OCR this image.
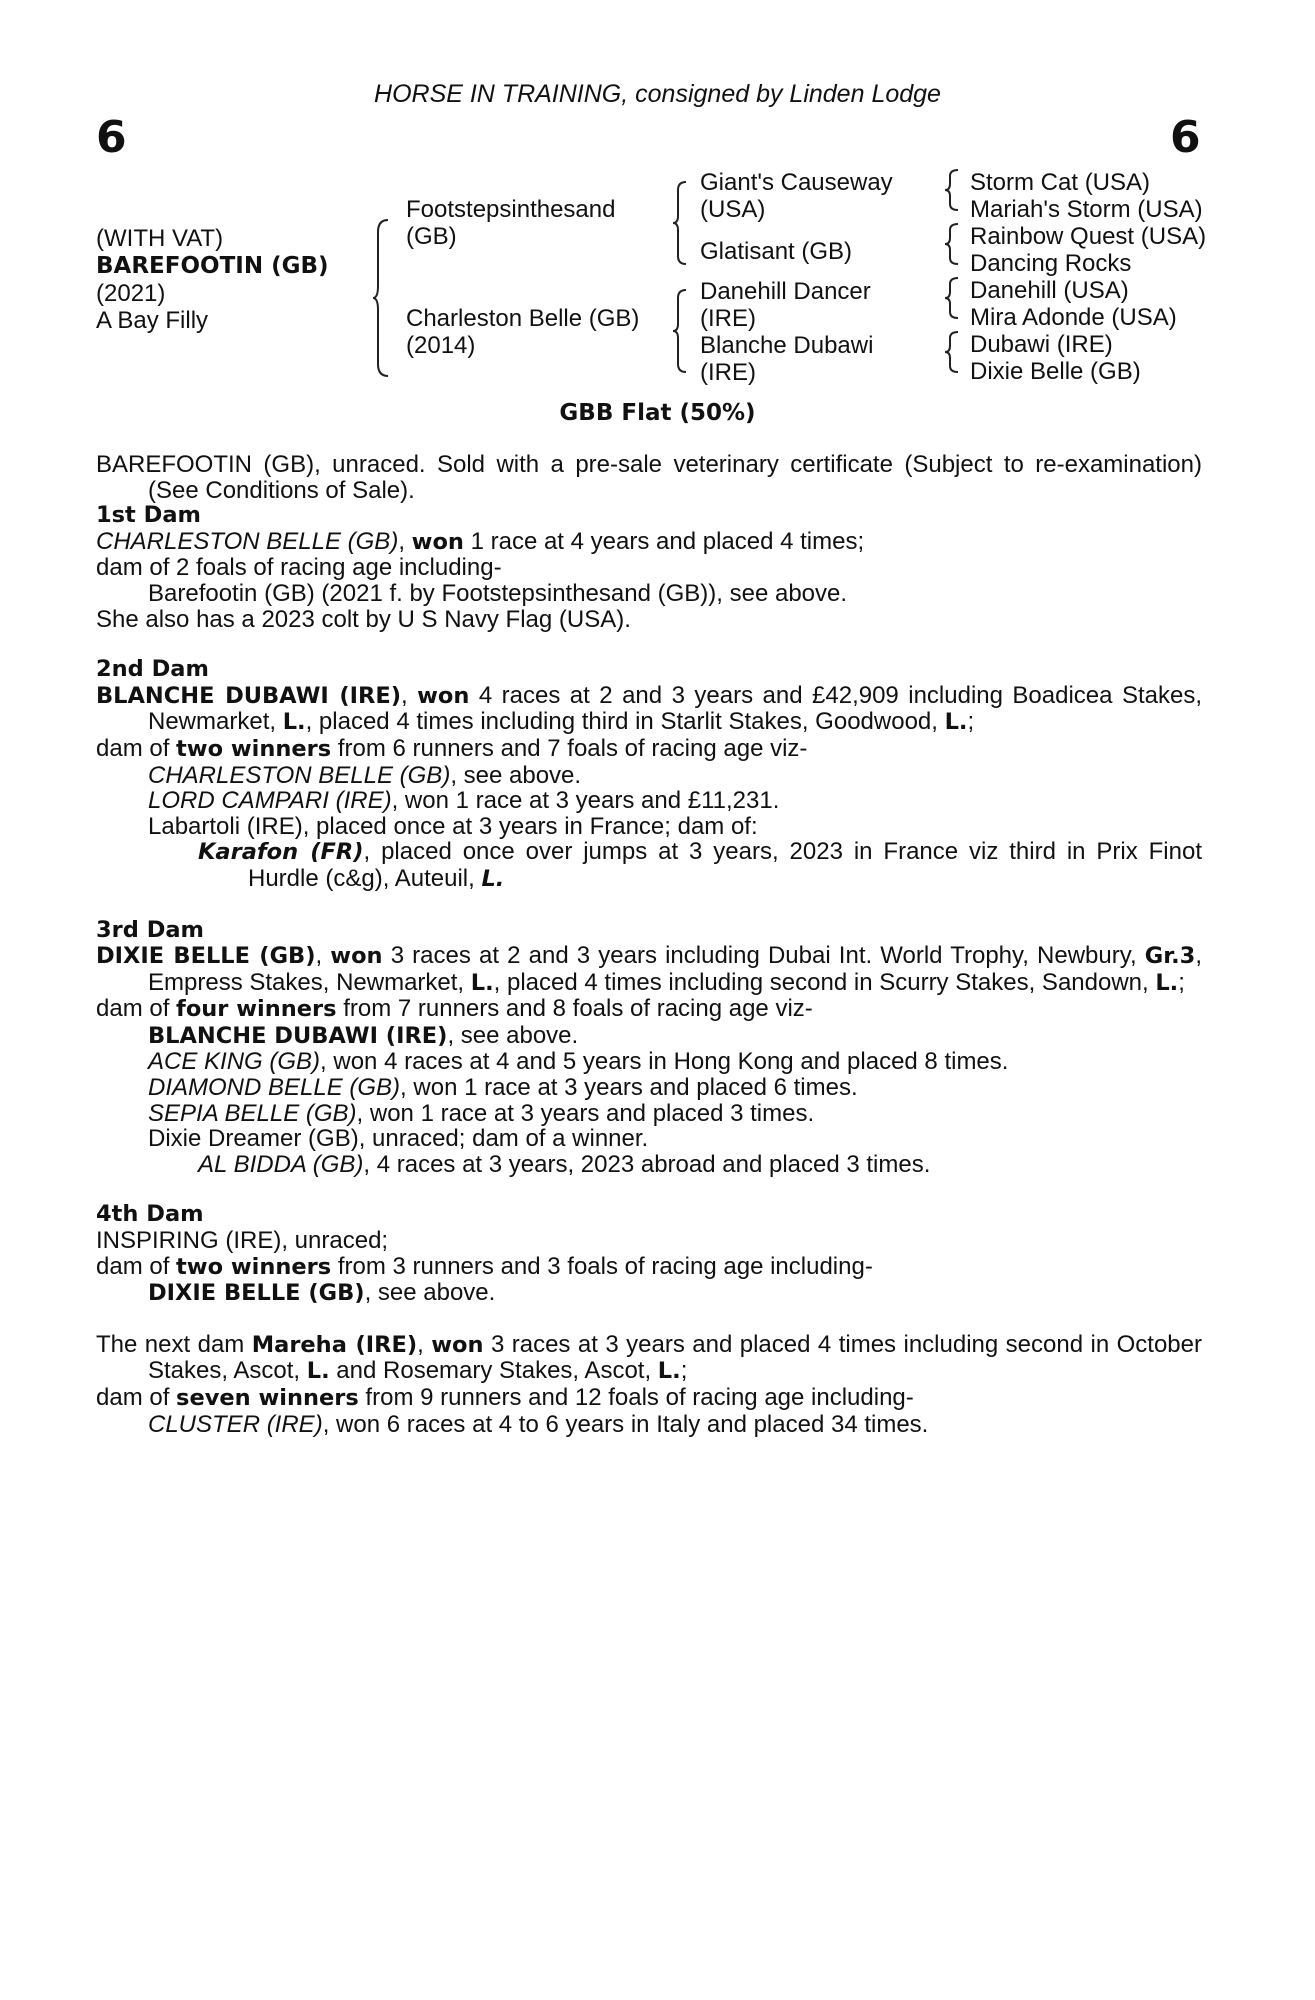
HORSE IN TRAINING, consigned by Linden Lodge
6	6
(WITH VAT)
BAREFOOTIN (GB)
(2021)
A Bay Filly
Footstepsinthesand
(GB)
Charleston Belle (GB)
(2014)
Giant's Causeway
(USA)
Glatisant (GB)
Danehill Dancer
(IRE)
Blanche Dubawi
(IRE)
Storm Cat (USA)
Mariah's Storm (USA)
Rainbow Quest (USA)
Dancing Rocks
Danehill (USA)
Mira Adonde (USA)
Dubawi (IRE)
Dixie Belle (GB)
GBB Flat (50%)

BAREFOOTIN (GB), unraced. Sold with a pre-sale veterinary certificate (Subject to re-examination) (See Conditions of Sale).

1st Dam

CHARLESTON BELLE (GB), won 1 race at 4 years and placed 4 times;

dam of 2 foals of racing age including-

Barefootin (GB) (2021 f. by Footstepsinthesand (GB)), see above.

She also has a 2023 colt by U S Navy Flag (USA).

2nd Dam

BLANCHE DUBAWI (IRE), won 4 races at 2 and 3 years and £42,909 including Boadicea Stakes, Newmarket, L., placed 4 times including third in Starlit Stakes, Goodwood, L.;

dam of two winners from 6 runners and 7 foals of racing age viz-

CHARLESTON BELLE (GB), see above.

LORD CAMPARI (IRE), won 1 race at 3 years and £11,231.

Labartoli (IRE), placed once at 3 years in France; dam of:

Karafon (FR), placed once over jumps at 3 years, 2023 in France viz third in Prix Finot Hurdle (c&g), Auteuil, L.

3rd Dam

DIXIE BELLE (GB), won 3 races at 2 and 3 years including Dubai Int. World Trophy, Newbury, Gr.3, Empress Stakes, Newmarket, L., placed 4 times including second in Scurry Stakes, Sandown, L.;

dam of four winners from 7 runners and 8 foals of racing age viz-

BLANCHE DUBAWI (IRE), see above.

ACE KING (GB), won 4 races at 4 and 5 years in Hong Kong and placed 8 times.

DIAMOND BELLE (GB), won 1 race at 3 years and placed 6 times.

SEPIA BELLE (GB), won 1 race at 3 years and placed 3 times.

Dixie Dreamer (GB), unraced; dam of a winner.

AL BIDDA (GB), 4 races at 3 years, 2023 abroad and placed 3 times.

4th Dam

INSPIRING (IRE), unraced;

dam of two winners from 3 runners and 3 foals of racing age including-

DIXIE BELLE (GB), see above.

The next dam Mareha (IRE), won 3 races at 3 years and placed 4 times including second in October Stakes, Ascot, L. and Rosemary Stakes, Ascot, L.;

dam of seven winners from 9 runners and 12 foals of racing age including-

CLUSTER (IRE), won 6 races at 4 to 6 years in Italy and placed 34 times.
